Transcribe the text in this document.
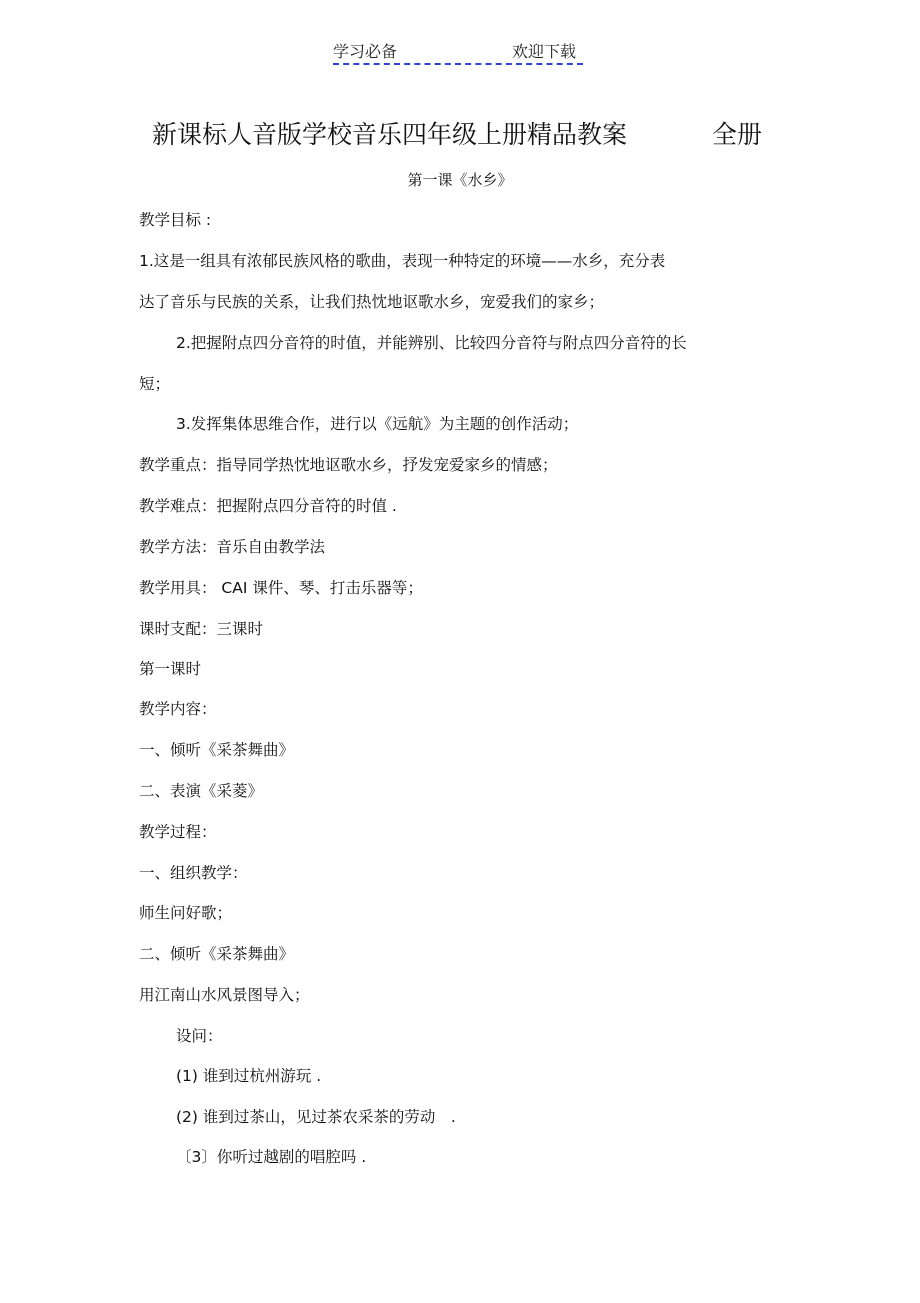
学习必备	欢迎下载
新课标人音版学校音乐四年级上册精品教案	全册
第一课《水乡》
教学目标 :
1.这是一组具有浓郁民族风格的歌曲，表现一种特定的环境——水乡，充分表
达了音乐与民族的关系，让我们热忱地讴歌水乡，宠爱我们的家乡；
2.把握附点四分音符的时值，并能辨别、比较四分音符与附点四分音符的长
短；
3.发挥集体思维合作，进行以《远航》为主题的创作活动；
教学重点：指导同学热忱地讴歌水乡，抒发宠爱家乡的情感；
教学难点：把握附点四分音符的时值 .
教学方法：音乐自由教学法
教学用具： CAI 课件、琴、打击乐器等；
课时支配：三课时
第一课时
教学内容：
一、倾听《采茶舞曲》
二、表演《采菱》
教学过程：
一、组织教学：
师生问好歌；
二、倾听《采茶舞曲》
用江南山水风景图导入；
设问：
(1) 谁到过杭州游玩 .
(2) 谁到过茶山，见过茶农采茶的劳动　.
〔3〕你听过越剧的唱腔吗 .
